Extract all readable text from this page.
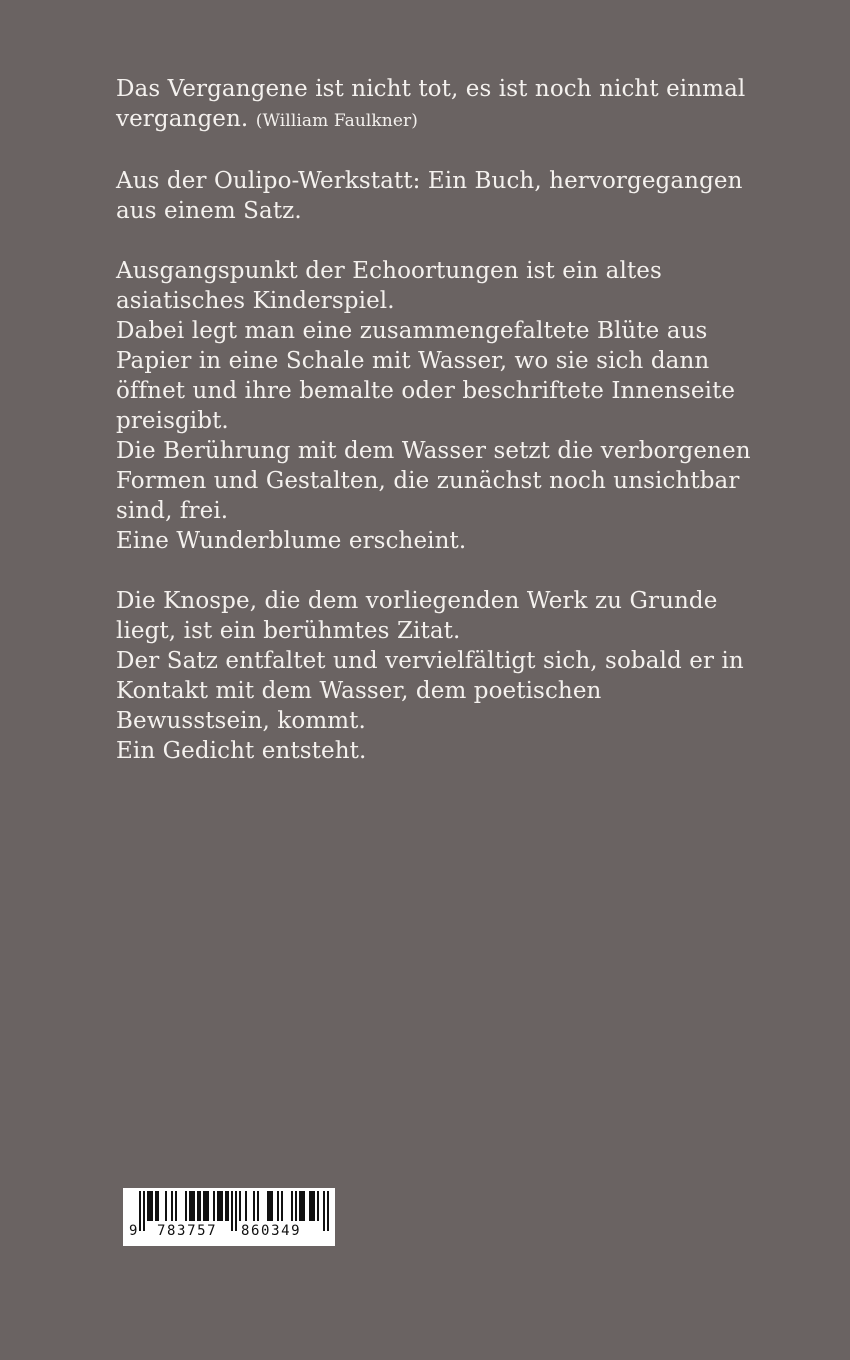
Das Vergangene ist nicht tot, es ist noch nicht einmal
vergangen. (William Faulkner)

Aus der Oulipo-Werkstatt: Ein Buch, hervorgegangen
aus einem Satz.

Ausgangspunkt der Echoortungen ist ein altes
asiatisches Kinderspiel.
Dabei legt man eine zusammengefaltete Blüte aus
Papier in eine Schale mit Wasser, wo sie sich dann
öffnet und ihre bemalte oder beschriftete Innenseite
preisgibt.
Die Berührung mit dem Wasser setzt die verborgenen
Formen und Gestalten, die zunächst noch unsichtbar
sind, frei.
Eine Wunderblume erscheint.

Die Knospe, die dem vorliegenden Werk zu Grunde
liegt, ist ein berühmtes Zitat.
Der Satz entfaltet und vervielfältigt sich, sobald er in
Kontakt mit dem Wasser, dem poetischen
Bewusstsein, kommt.
Ein Gedicht entsteht.

9 783757 860349
